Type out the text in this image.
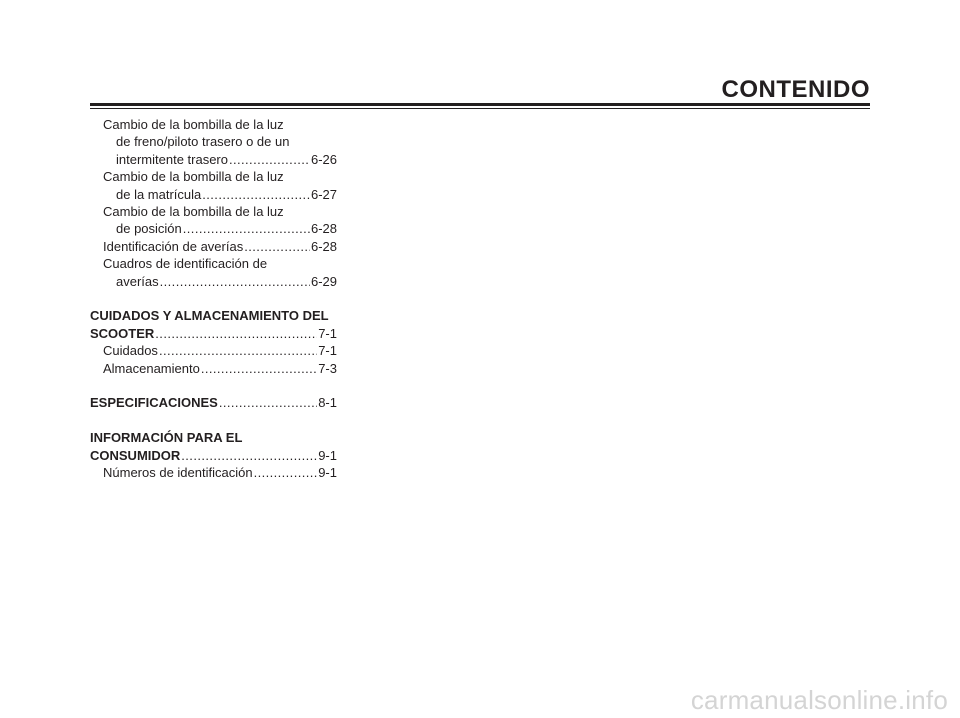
CONTENIDO
Cambio de la bombilla de la luz
de freno/piloto trasero o de un
intermitente trasero .....	6-26
Cambio de la bombilla de la luz
de la matrícula .....	6-27
Cambio de la bombilla de la luz
de posición .....	6-28
Identificación de averías .....	6-28
Cuadros de identificación de
averías .....	6-29
CUIDADOS Y ALMACENAMIENTO DEL
SCOOTER .....	7-1
Cuidados .....	7-1
Almacenamiento .....	7-3
ESPECIFICACIONES .....	8-1
INFORMACIÓN PARA EL
CONSUMIDOR .....	9-1
Números de identificación .....	9-1
carmanualsonline.info
